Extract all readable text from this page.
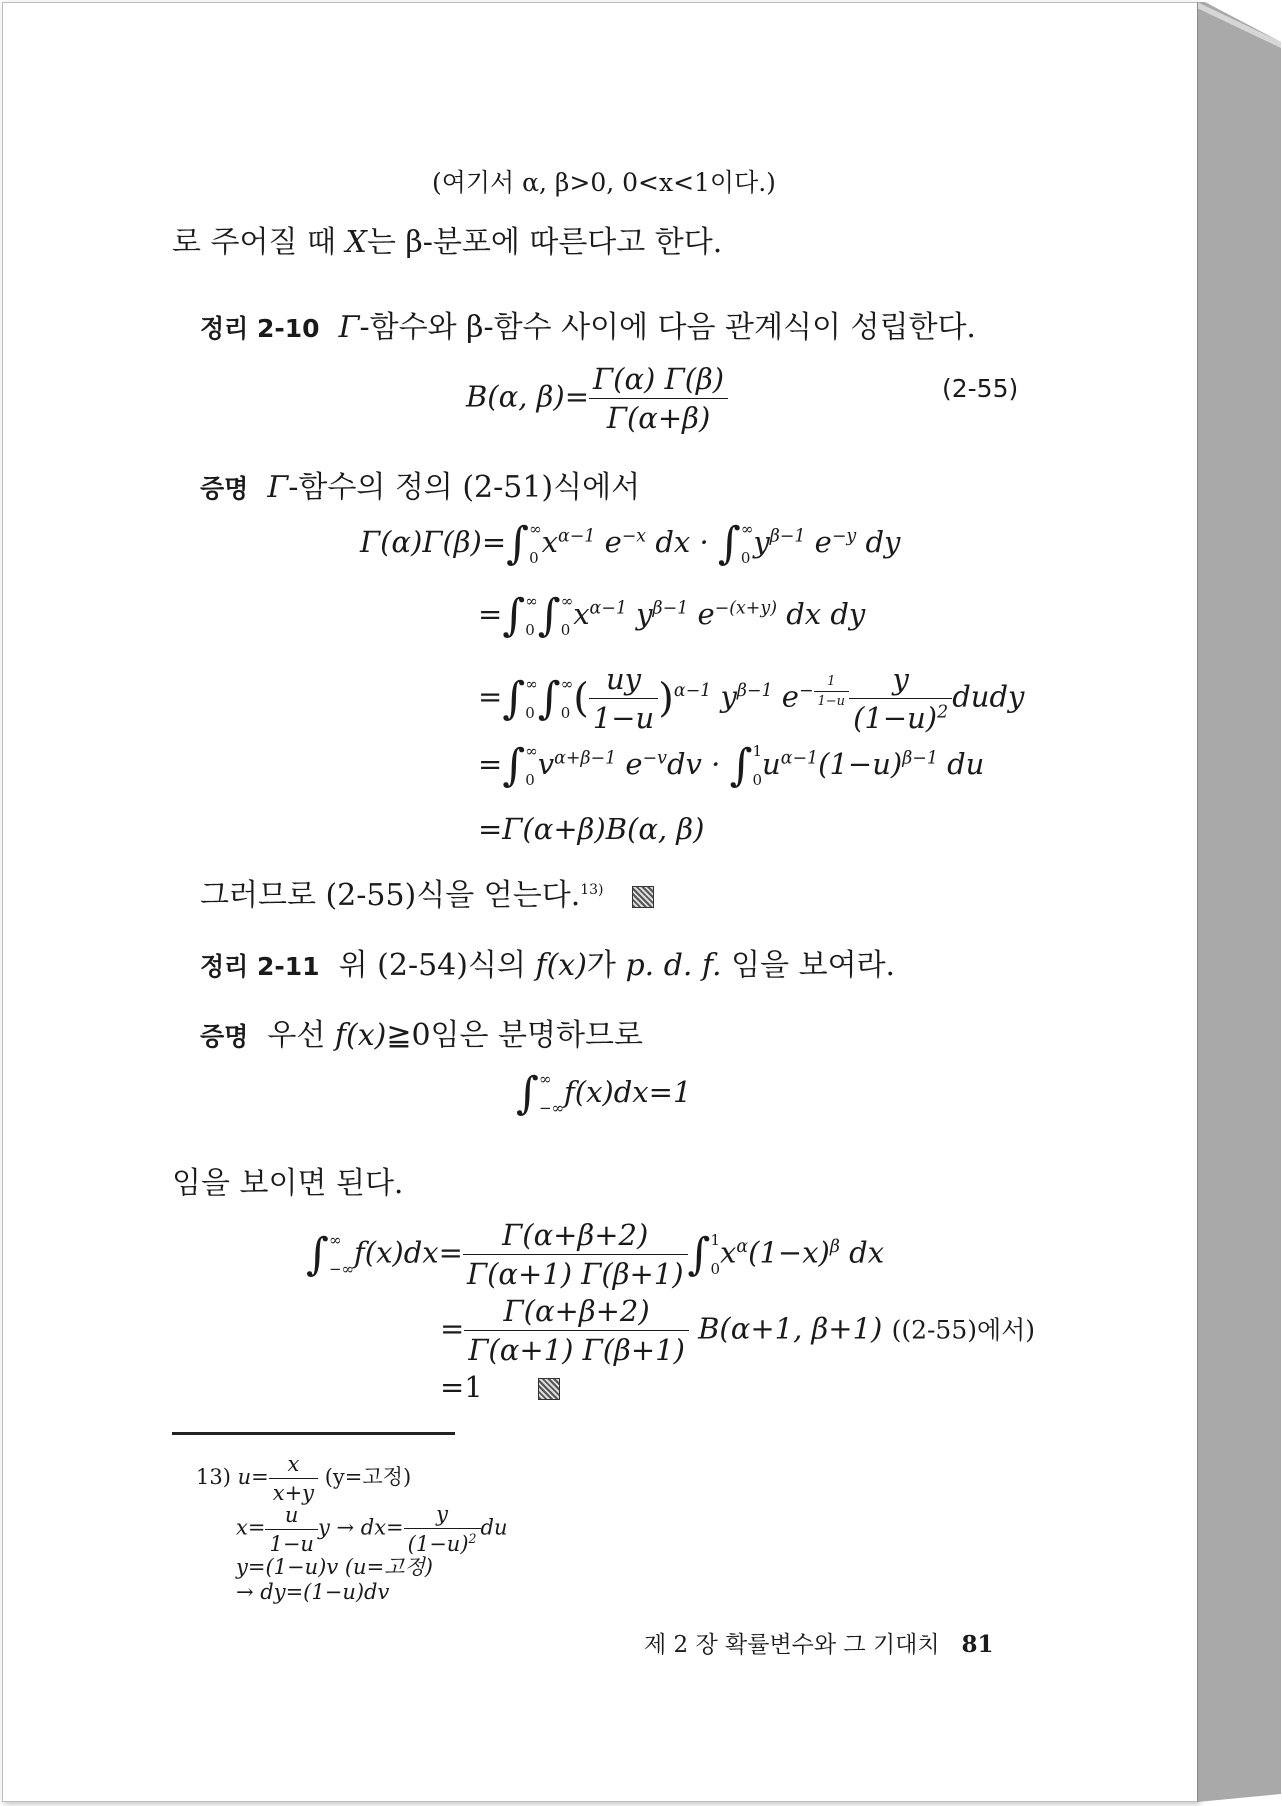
(여기서 α, β>0, 0<x<1이다.)
로 주어질 때 X는 β-분포에 따른다고 한다.
정리 2-10 Γ-함수와 β-함수 사이에 다음 관계식이 성립한다.
B(α, $\beta)= \frac{\Gamma(\alpha) \Gamma(\beta)}{\Gamma(\alpha+\beta)}$	(2-55)
증명 Γ-함수의 정의 (2-51)식에서
Γ(α)Γ(β)=∫ ∞
0 $x^{\alpha-1}$ $e^{-x}$ dx · ∫ ∞
0 $y^{\beta-1}$ $e^{-y}$ dy
=∫ ∞
0 ∫ ∞
0 $x^{\alpha-1}$ $y^{\beta-1}$ $e^{-(x+y)}$ dx dy
=∫ ∞
0 ∫ ∞
0 ( $\frac{uy}{1-u} )^{\alpha-1}$ $y^{\beta-1}$ $e^{- \frac{1}{1-u}} \frac{y}{(1-u)^2}$ dudy
=∫ ∞
0 $v^{\alpha+\beta-1}$ $e^{-v}dv$ · ∫ 1
0 $u^{\alpha-1}(1-u)^{\beta-1}$ du
=Γ(α+β)B(α, β)
그러므로 (2-55)식을 얻는다.$^{13)}$
정리 2-11 위 (2-54)식의 f(x)가 p. d. f. 임을 보여라.
증명 우선 f(x)≧0임은 분명하므로
∫ ∞
−∞ f(x)dx=1
임을 보이면 된다.
∫ ∞
−∞ $f(x)dx= \frac{\Gamma(\alpha+\beta+2)}{\Gamma(\alpha+1) \Gamma(\beta+1)}$ ∫ 1
0 $x^\alpha(1-x)^\beta$ dx
= $\frac{\Gamma(\alpha+\beta+2)}{\Gamma(\alpha+1) \Gamma(\beta+1)} B(\alpha+1$, β+1) ((2-55)에서)
=1
13) $u= \frac{x}{x+y} (y=$고정)
$x= \frac{u}{1-u}$ $y \to dx= \frac{y}{(1-u)^2}$ du
y=(1−u)v (u=고정)
→ dy=(1−u)dv
제 2 장 확률변수와 그 기대치 81
